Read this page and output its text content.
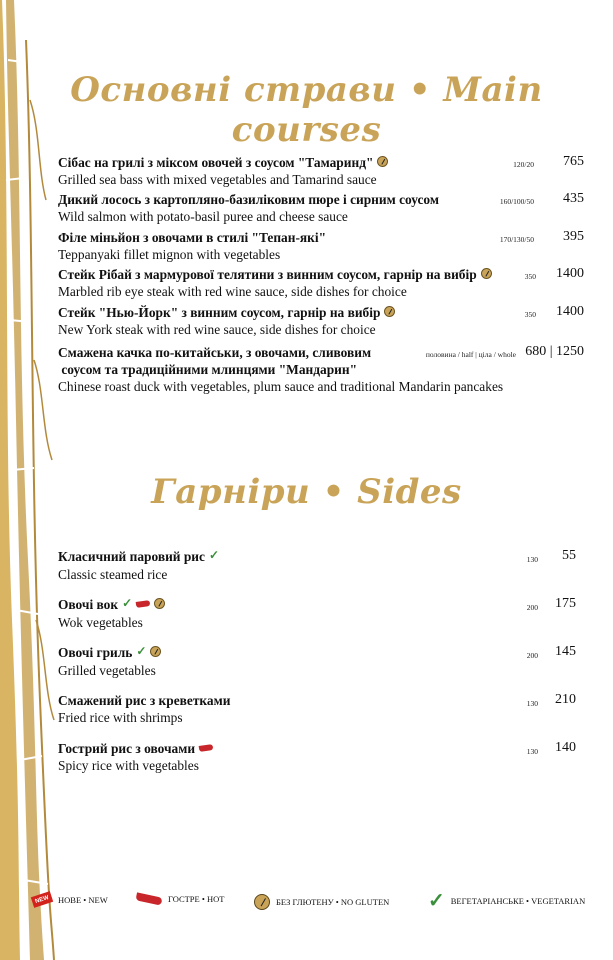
Основні страви • Main courses
Сібас на грилі з міксом овочей з соусом "Тамаринд"
Grilled sea bass with mixed vegetables and Tamarind sauce
120/20 765
Дикий лосось з картопляно-базиліковим пюре і сирним соусом
Wild salmon with potato-basil puree and cheese sauce
160/100/50 435
Філе міньйон з овочами в стилі "Тепан-які"
Teppanyaki fillet mignon with vegetables
170/130/50 395
Стейк Рібай з мармурової телятини з винним соусом, гарнір на вибір
Marbled rib eye steak with red wine sauce, side dishes for choice
350 1400
Стейк "Нью-Йорк" з винним соусом, гарнір на вибір
New York steak with red wine sauce, side dishes for choice
350 1400
Смажена качка по-китайськи, з овочами, сливовим
соусом та традиційними млинцями "Мандарин"
Chinese roast duck with vegetables, plum sauce and traditional Mandarin pancakes
половина / half | ціла / whole 680 | 1250
Гарніри • Sides
Класичний паровий рис ✓
Classic steamed rice
130 55
Овочі вок ✓
Wok vegetables
200 175
Овочі гриль ✓
Grilled vegetables
200 145
Смажений рис з креветками
Fried rice with shrimps
130 210
Гострий рис з овочами
Spicy rice with vegetables
130 140
NEW НОВЕ • NEW	ГОСТРЕ • HOT	БЕЗ ГЛЮТЕНУ • NO GLUTEN ✓ ВЕГЕТАРІАНСЬКЕ • VEGETARIAN
